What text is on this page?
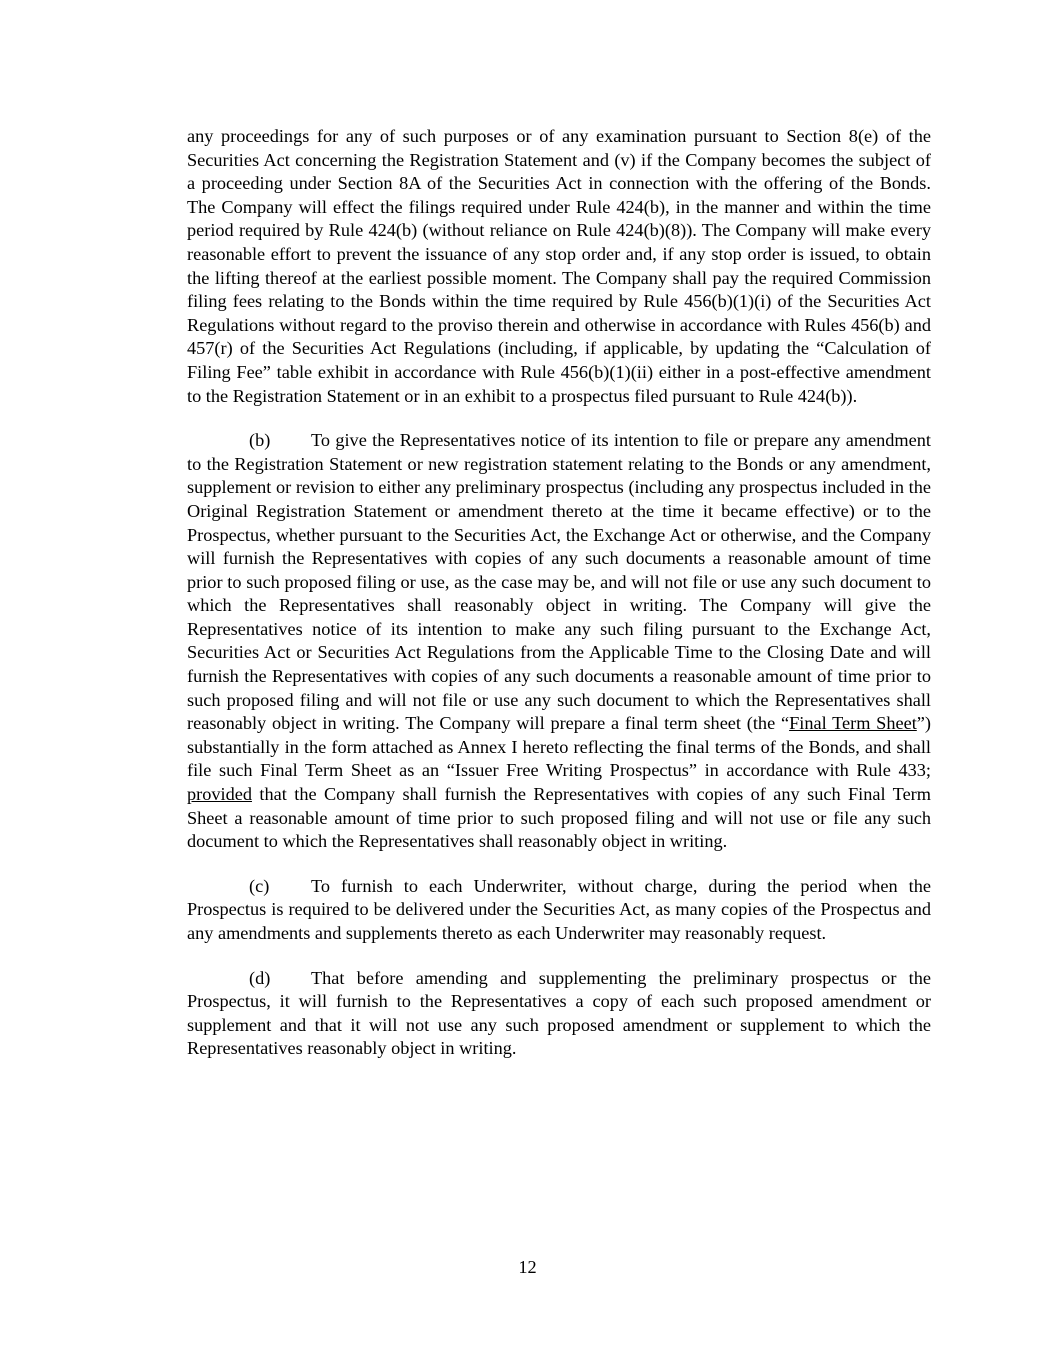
any proceedings for any of such purposes or of any examination pursuant to Section 8(e) of the Securities Act concerning the Registration Statement and (v) if the Company becomes the subject of a proceeding under Section 8A of the Securities Act in connection with the offering of the Bonds. The Company will effect the filings required under Rule 424(b), in the manner and within the time period required by Rule 424(b) (without reliance on Rule 424(b)(8)). The Company will make every reasonable effort to prevent the issuance of any stop order and, if any stop order is issued, to obtain the lifting thereof at the earliest possible moment. The Company shall pay the required Commission filing fees relating to the Bonds within the time required by Rule 456(b)(1)(i) of the Securities Act Regulations without regard to the proviso therein and otherwise in accordance with Rules 456(b) and 457(r) of the Securities Act Regulations (including, if applicable, by updating the “Calculation of Filing Fee” table exhibit in accordance with Rule 456(b)(1)(ii) either in a post-effective amendment to the Registration Statement or in an exhibit to a prospectus filed pursuant to Rule 424(b)).

(b) To give the Representatives notice of its intention to file or prepare any amendment to the Registration Statement or new registration statement relating to the Bonds or any amendment, supplement or revision to either any preliminary prospectus (including any prospectus included in the Original Registration Statement or amendment thereto at the time it became effective) or to the Prospectus, whether pursuant to the Securities Act, the Exchange Act or otherwise, and the Company will furnish the Representatives with copies of any such documents a reasonable amount of time prior to such proposed filing or use, as the case may be, and will not file or use any such document to which the Representatives shall reasonably object in writing. The Company will give the Representatives notice of its intention to make any such filing pursuant to the Exchange Act, Securities Act or Securities Act Regulations from the Applicable Time to the Closing Date and will furnish the Representatives with copies of any such documents a reasonable amount of time prior to such proposed filing and will not file or use any such document to which the Representatives shall reasonably object in writing. The Company will prepare a final term sheet (the “Final Term Sheet”) substantially in the form attached as Annex I hereto reflecting the final terms of the Bonds, and shall file such Final Term Sheet as an “Issuer Free Writing Prospectus” in accordance with Rule 433; provided that the Company shall furnish the Representatives with copies of any such Final Term Sheet a reasonable amount of time prior to such proposed filing and will not use or file any such document to which the Representatives shall reasonably object in writing.

(c) To furnish to each Underwriter, without charge, during the period when the Prospectus is required to be delivered under the Securities Act, as many copies of the Prospectus and any amendments and supplements thereto as each Underwriter may reasonably request.

(d) That before amending and supplementing the preliminary prospectus or the Prospectus, it will furnish to the Representatives a copy of each such proposed amendment or supplement and that it will not use any such proposed amendment or supplement to which the Representatives reasonably object in writing.

12
